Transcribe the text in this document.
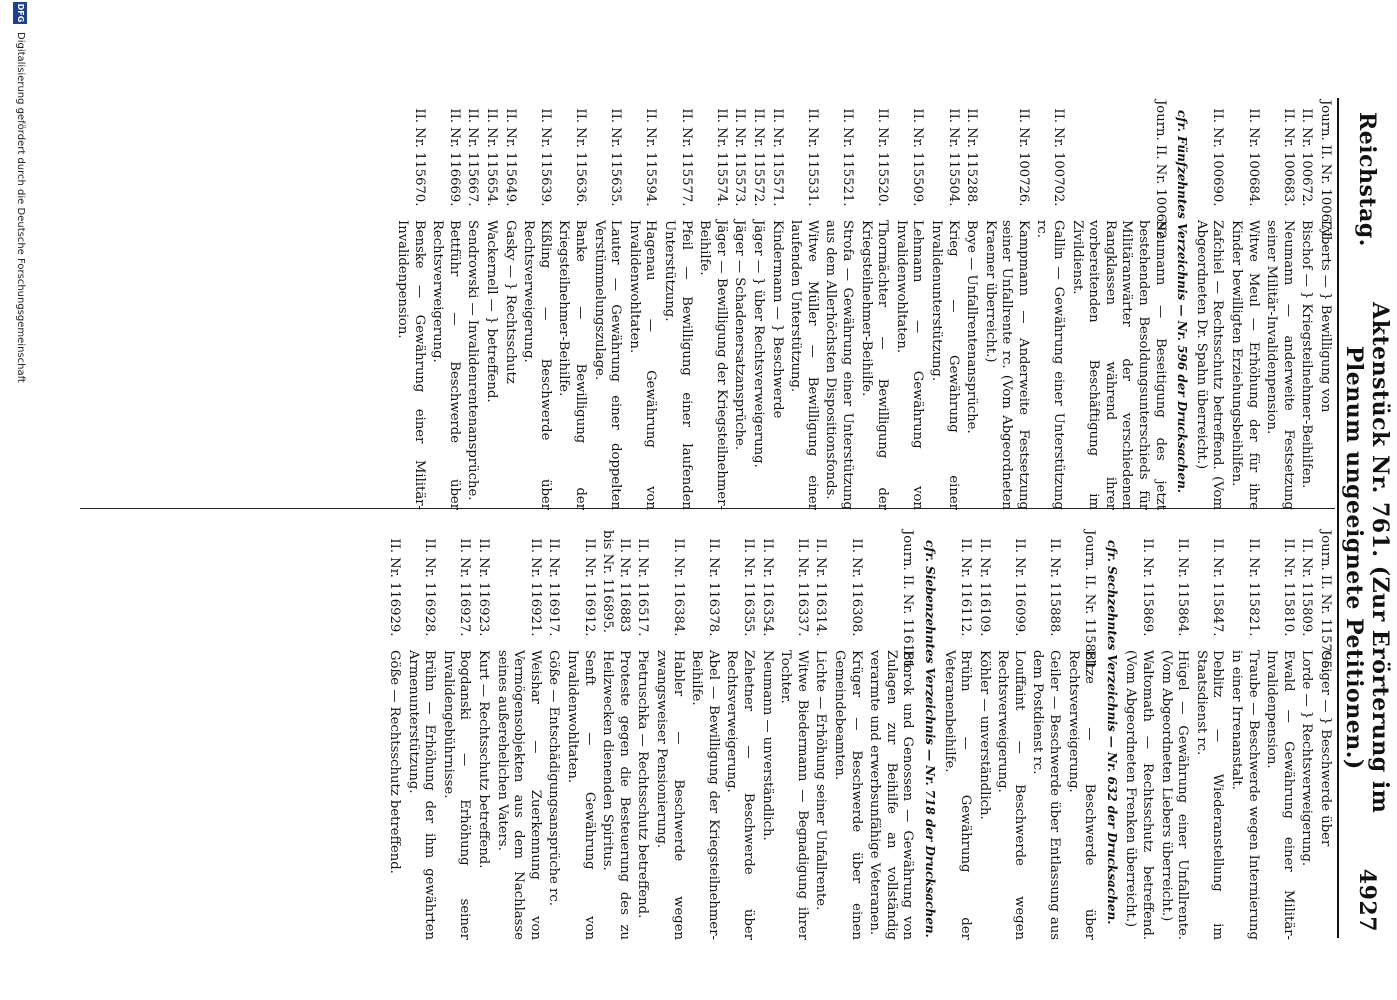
Reichstag.
Aktenstück Nr. 761. (Zur Erörterung im Plenum ungeeignete Petitionen.)
4927
Journ. II. Nr. 100671.
Lyberts — } Bewilligung von
II. Nr. 100672.
Bischof — } Kriegsteilnehmer-Beihilfen.
II. Nr. 100683.
Neumann — anderweite Festsetzung seiner Militär-Invalidenpension.
II. Nr. 100684.
Witwe Meul — Erhöhung der für ihre Kinder bewilligten Erziehungsbeihilfen.
II. Nr. 100690.
Zafchiel — Rechtsschutz betreffend. (Vom Abgeordneten Dr. Spahn überreicht.)
cfr. Fünfzehntes Verzeichnis — Nr. 596 der Drucksachen.
Journ. II. Nr. 100692.
Neumann — Beseitigung des jetzt bestehenden Besoldungsunterschieds für Militäranwärter der verschiedenen Rangklassen während ihrer vorbereitenden Beschäftigung im Zivildienst.
II. Nr. 100702.
Gallin — Gewährung einer Unterstützung rc.
II. Nr. 100726.
Kampmann — Anderweite Festsetzung seiner Unfallrente rc. (Vom Abgeordneten Kraemer überreicht.)
II. Nr. 115288.
Boye — Unfallrentenansprüche.
II. Nr. 115504.
Krieg — Gewährung einer Invalidenunterstützung.
II. Nr. 115509.
Lehmann — Gewährung von Invalidenwohltaten.
II. Nr. 115520.
Thormächter — Bewilligung der Kriegsteilnehmer-Beihilfe.
II. Nr. 115521.
Strofa — Gewährung einer Unterstützung aus dem Allerhöchsten Dispositionsfonds.
II. Nr. 115531.
Witwe Müller — Bewilligung einer laufenden Unterstützung.
II. Nr. 115571.
Kindermann — } Beschwerde
II. Nr. 115572.
Jäger — } über Rechtsverweigerung.
II. Nr. 115573.
Jäger — Schadenersatzansprüche.
II. Nr. 115574.
Jäger — Bewilligung der Kriegsteilnehmer-Beihilfe.
II. Nr. 115577.
Pfeil — Bewilligung einer laufenden Unterstützung.
II. Nr. 115594.
Hagenau — Gewährung von Invalidenwohltaten.
II. Nr. 115635.
Lauter — Gewährung einer doppelten Verstümmelungszulage.
II. Nr. 115636.
Banke — Bewilligung der Kriegsteilnehmer-Beihilfe.
II. Nr. 115639.
Kißling — Beschwerde über Rechtsverweigerung.
II. Nr. 115649.
Gasky — } Rechtsschutz
II. Nr. 115654.
Wackernell — } betreffend.
II. Nr. 115667.
Sendrowski — Invalidenrentenansprüche.
II. Nr. 116669.
Bettführ — Beschwerde über Rechtsverweigerung.
II. Nr. 115670.
Benske — Gewährung einer Militär-Invalidenpension.
Journ. II. Nr. 115795.
Geiger — } Beschwerde über
II. Nr. 115809.
Lorde — } Rechtsverweigerung.
II. Nr. 115810.
Ewald — Gewährung einer Militär-Invalidenpension.
II. Nr. 115821.
Traube — Beschwerde wegen Internierung in einer Irrenanstalt.
II. Nr. 115847.
Deblitz — Wiederanstellung im Staatsdienst rc.
II. Nr. 115864.
Hügel — Gewährung einer Unfallrente. (Vom Abgeordneten Liebers überreicht.)
II. Nr. 115869.
Waltomath — Rechtsschutz betreffend. (Vom Abgeordneten Frenken überreicht.)
cfr. Sechzehntes Verzeichnis — Nr. 632 der Drucksachen.
Journ. II. Nr. 115881.
Eltze — Beschwerde über Rechtsverweigerung.
II. Nr. 115888.
Geiler — Beschwerde über Entlassung aus dem Postdienst rc.
II. Nr. 116099.
Louffaint — Beschwerde wegen Rechtsverweigerung.
II. Nr. 116109.
Köhler — unverständlich.
II. Nr. 116112.
Brühn — Gewährung der Veteranenbeihilfe.
cfr. Siebenzehntes Verzeichnis — Nr. 718 der Drucksachen.
Journ. II. Nr. 116181.
Etorok und Genossen — Gewährung von Zulagen zur Beihilfe an vollständig verarmte und erwerbsunfähige Veteranen.
II. Nr. 116308.
Krüger — Beschwerde über einen Gemeindebeamten.
II. Nr. 116314.
Lichte — Erhöhung seiner Unfallrente.
II. Nr. 116337.
Witwe Biedermann — Begnadigung ihrer Tochter.
II. Nr. 116354.
Neumann — unverständlich.
II. Nr. 116355.
Zehetner — Beschwerde über Rechtsverweigerung.
II. Nr. 116378.
Abel — Bewilligung der Kriegsteilnehmer-Beihilfe.
II. Nr. 116384.
Habler — Beschwerde wegen zwangsweiser Pensionierung.
II. Nr. 116517.
Pietruschka — Rechtsschutz betreffend.
II. Nr. 116883
bis Nr. 116895.
Proteste gegen die Besteuerung des zu Heilzwecken dienenden Spiritus.
II. Nr. 116912.
Senft — Gewährung von Invalidenwohltaten.
II. Nr. 116917.
Göße — Entschädigungsansprüche rc.
II. Nr. 116921.
Weishar — Zuerkennung von Vermögensobjekten aus dem Nachlasse seines außerehelichen Vaters.
II. Nr. 116923.
Kurt — Rechtsschutz betreffend.
II. Nr. 116927.
Bogdanski — Erhöhung seiner Invalidengebührnisse.
II. Nr. 116928.
Brühn — Erhöhung der ihm gewährten Armenunterstützung.
II. Nr. 116929.
Göße — Rechtsschutz betreffend.
DFG
Digitalisierung gefördert durch die Deutsche Forschungsgemeinschaft
